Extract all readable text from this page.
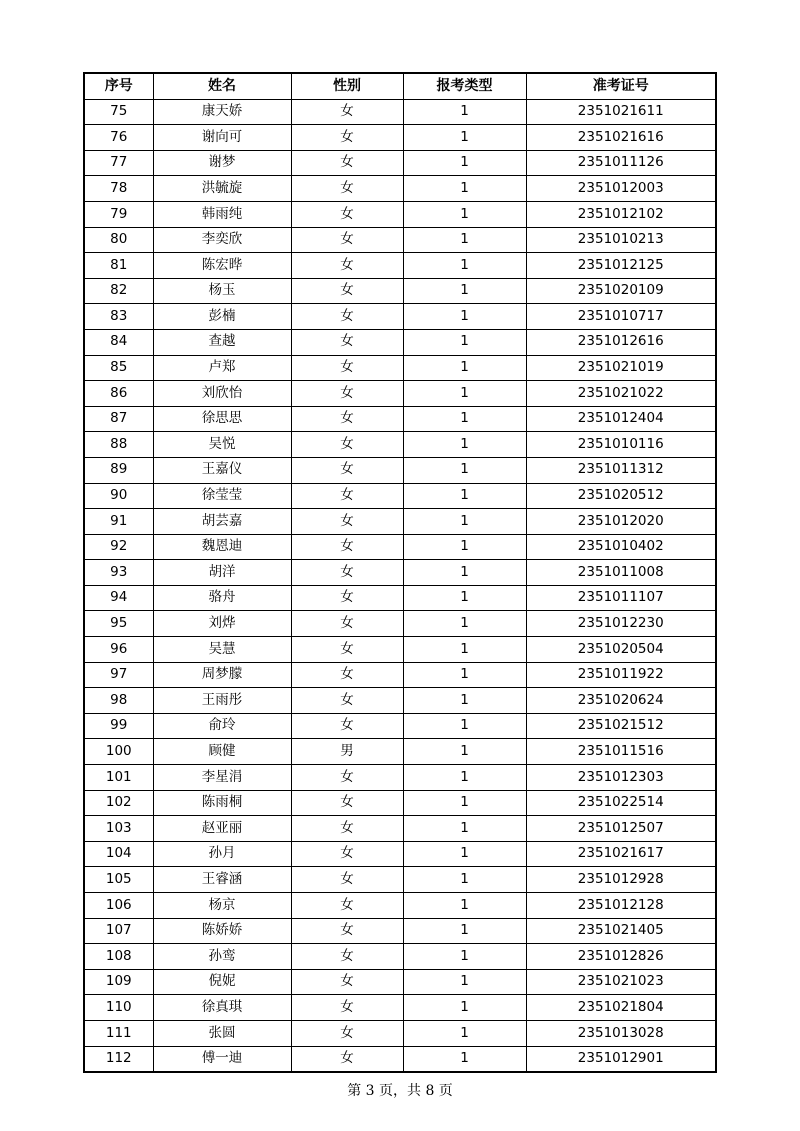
序号	姓名	性别	报考类型	准考证号
75	康天娇	女	1	2351021611
76	谢向可	女	1	2351021616
77	谢梦	女	1	2351011126
78	洪毓旋	女	1	2351012003
79	韩雨纯	女	1	2351012102
80	李奕欣	女	1	2351010213
81	陈宏晔	女	1	2351012125
82	杨玉	女	1	2351020109
83	彭楠	女	1	2351010717
84	查越	女	1	2351012616
85	卢郑	女	1	2351021019
86	刘欣怡	女	1	2351021022
87	徐思思	女	1	2351012404
88	吴悦	女	1	2351010116
89	王嘉仪	女	1	2351011312
90	徐莹莹	女	1	2351020512
91	胡芸嘉	女	1	2351012020
92	魏恩迪	女	1	2351010402
93	胡洋	女	1	2351011008
94	骆舟	女	1	2351011107
95	刘烨	女	1	2351012230
96	吴慧	女	1	2351020504
97	周梦朦	女	1	2351011922
98	王雨彤	女	1	2351020624
99	俞玲	女	1	2351021512
100	顾健	男	1	2351011516
101	李星涓	女	1	2351012303
102	陈雨桐	女	1	2351022514
103	赵亚丽	女	1	2351012507
104	孙月	女	1	2351021617
105	王睿涵	女	1	2351012928
106	杨京	女	1	2351012128
107	陈娇娇	女	1	2351021405
108	孙鸾	女	1	2351012826
109	倪妮	女	1	2351021023
110	徐真琪	女	1	2351021804
111	张圆	女	1	2351013028
112	傅一迪	女	1	2351012901
第 3 页，共 8 页
